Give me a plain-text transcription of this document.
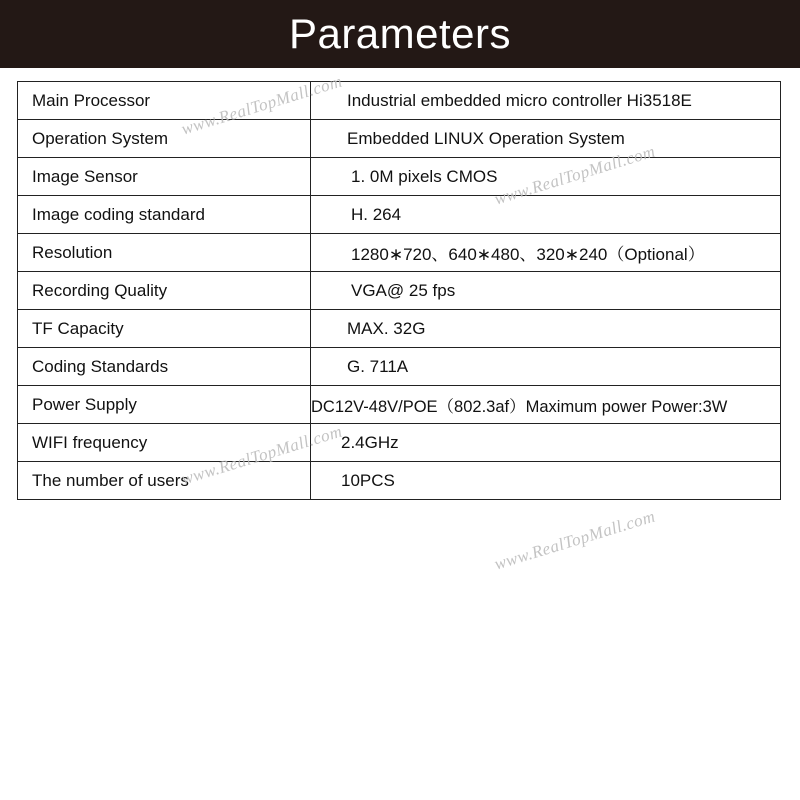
Parameters
Main Processor	Industrial embedded micro controller Hi3518E
Operation System	Embedded LINUX Operation System
Image Sensor	1. 0M pixels CMOS
Image coding standard	H. 264
Resolution	1280∗720、640∗480、320∗240（Optional）
Recording Quality	VGA@ 25 fps
TF Capacity	MAX. 32G
Coding Standards	G. 711A
Power Supply	DC12V-48V/POE（802.3af）Maximum power Power:3W
WIFI frequency	2.4GHz
The number of users	10PCS
www.RealTopMall.com
www.RealTopMall.com
www.RealTopMall.com
www.RealTopMall.com
